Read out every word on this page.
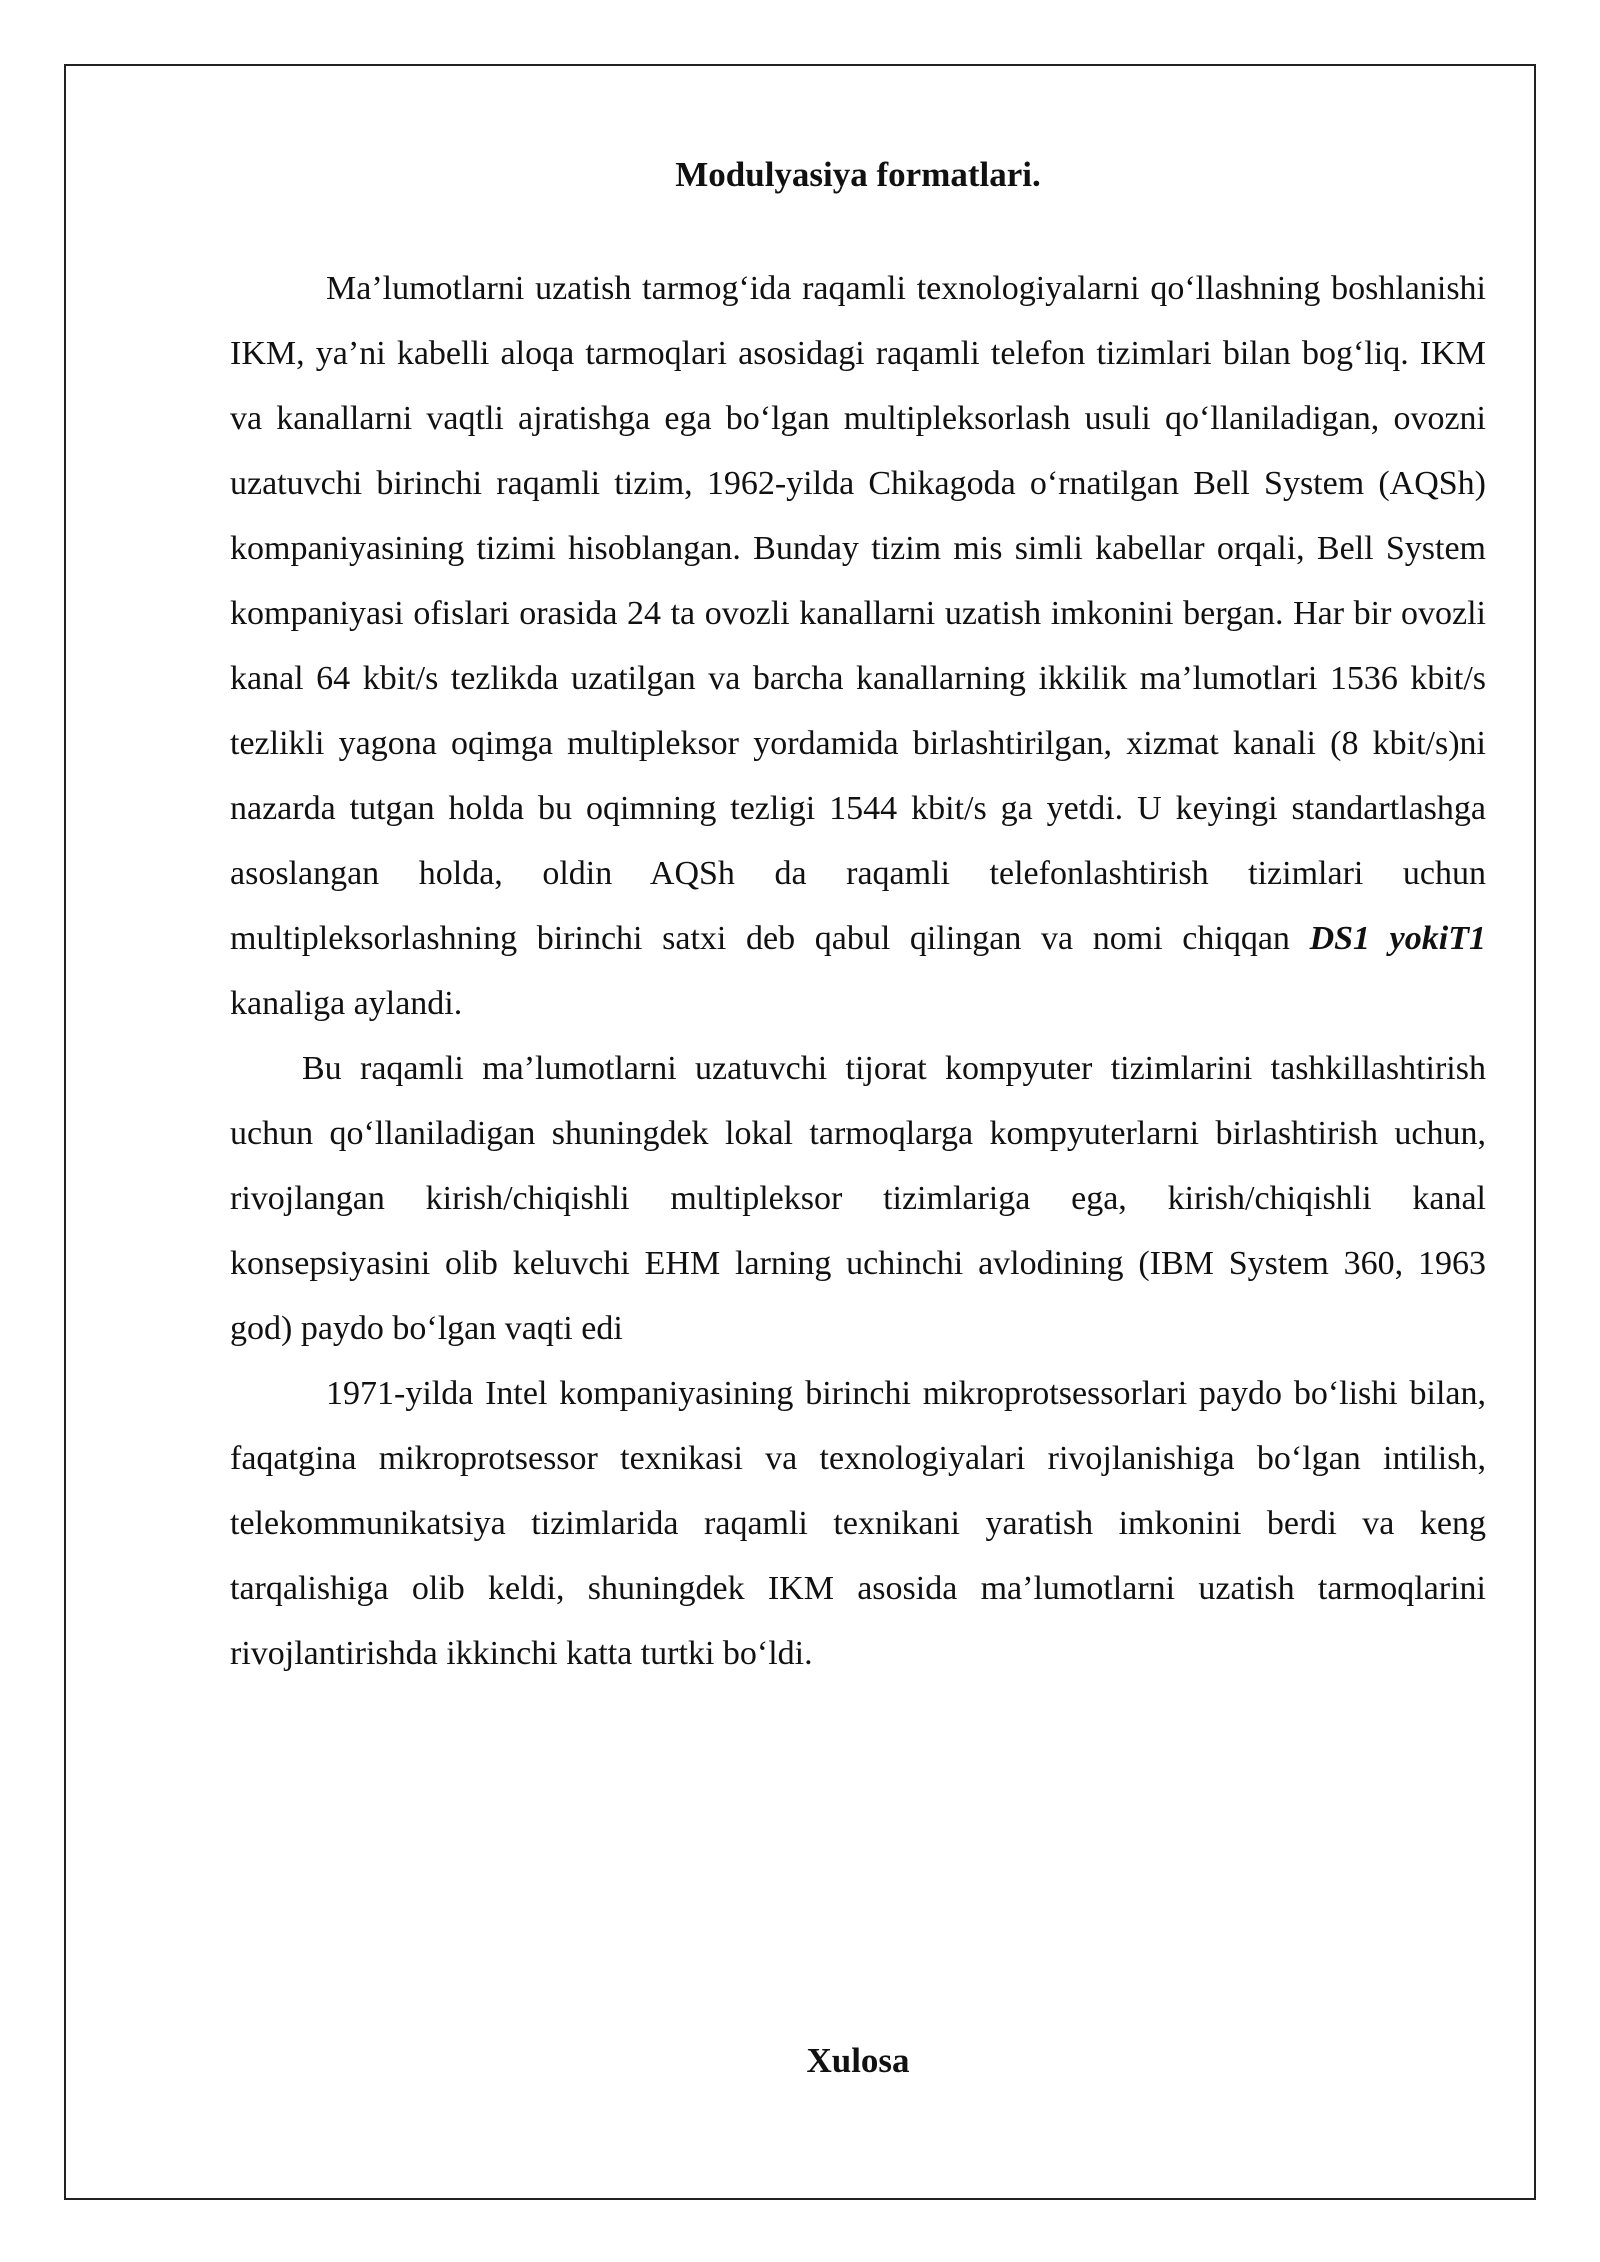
Modulyasiya formatlari.

Ma’lumotlarni uzatish tarmog‘ida raqamli texnologiyalarni qo‘llashning boshlanishi IKM, ya’ni kabelli aloqa tarmoqlari asosidagi raqamli telefon tizimlari bilan bog‘liq. IKM va kanallarni vaqtli ajratishga ega bo‘lgan multipleksorlash usuli qo‘llaniladigan, ovozni uzatuvchi birinchi raqamli tizim, 1962-yilda Chikagoda o‘rnatilgan Bell System (AQSh) kompaniyasining tizimi hisoblangan. Bunday tizim mis simli kabellar orqali, Bell System kompaniyasi ofislari orasida 24 ta ovozli kanallarni uzatish imkonini bergan. Har bir ovozli kanal 64 kbit/s tezlikda uzatilgan va barcha kanallarning ikkilik ma’lumotlari 1536 kbit/s tezlikli yagona oqimga multipleksor yordamida birlashtirilgan, xizmat kanali (8 kbit/s)ni nazarda tutgan holda bu oqimning tezligi 1544 kbit/s ga yetdi. U keyingi standartlashga asoslangan holda, oldin AQSh da raqamli telefonlashtirish tizimlari uchun multipleksorlashning birinchi satxi deb qabul qilingan va nomi chiqqan DS1 yokiT1 kanaliga aylandi.

Bu raqamli ma’lumotlarni uzatuvchi tijorat kompyuter tizimlarini tashkillashtirish uchun qo‘llaniladigan shuningdek lokal tarmoqlarga kompyuterlarni birlashtirish uchun, rivojlangan kirish/chiqishli multipleksor tizimlariga ega, kirish/chiqishli kanal konsepsiyasini olib keluvchi EHM larning uchinchi avlodining (IBM System 360, 1963 god) paydo bo‘lgan vaqti edi

1971-yilda Intel kompaniyasining birinchi mikroprotsessorlari paydo bo‘lishi bilan, faqatgina mikroprotsessor texnikasi va texnologiyalari rivojlanishiga bo‘lgan intilish, telekommunikatsiya tizimlarida raqamli texnikani yaratish imkonini berdi va keng tarqalishiga olib keldi, shuningdek IKM asosida ma’lumotlarni uzatish tarmoqlarini rivojlantirishda ikkinchi katta turtki bo‘ldi.

Xulosa
